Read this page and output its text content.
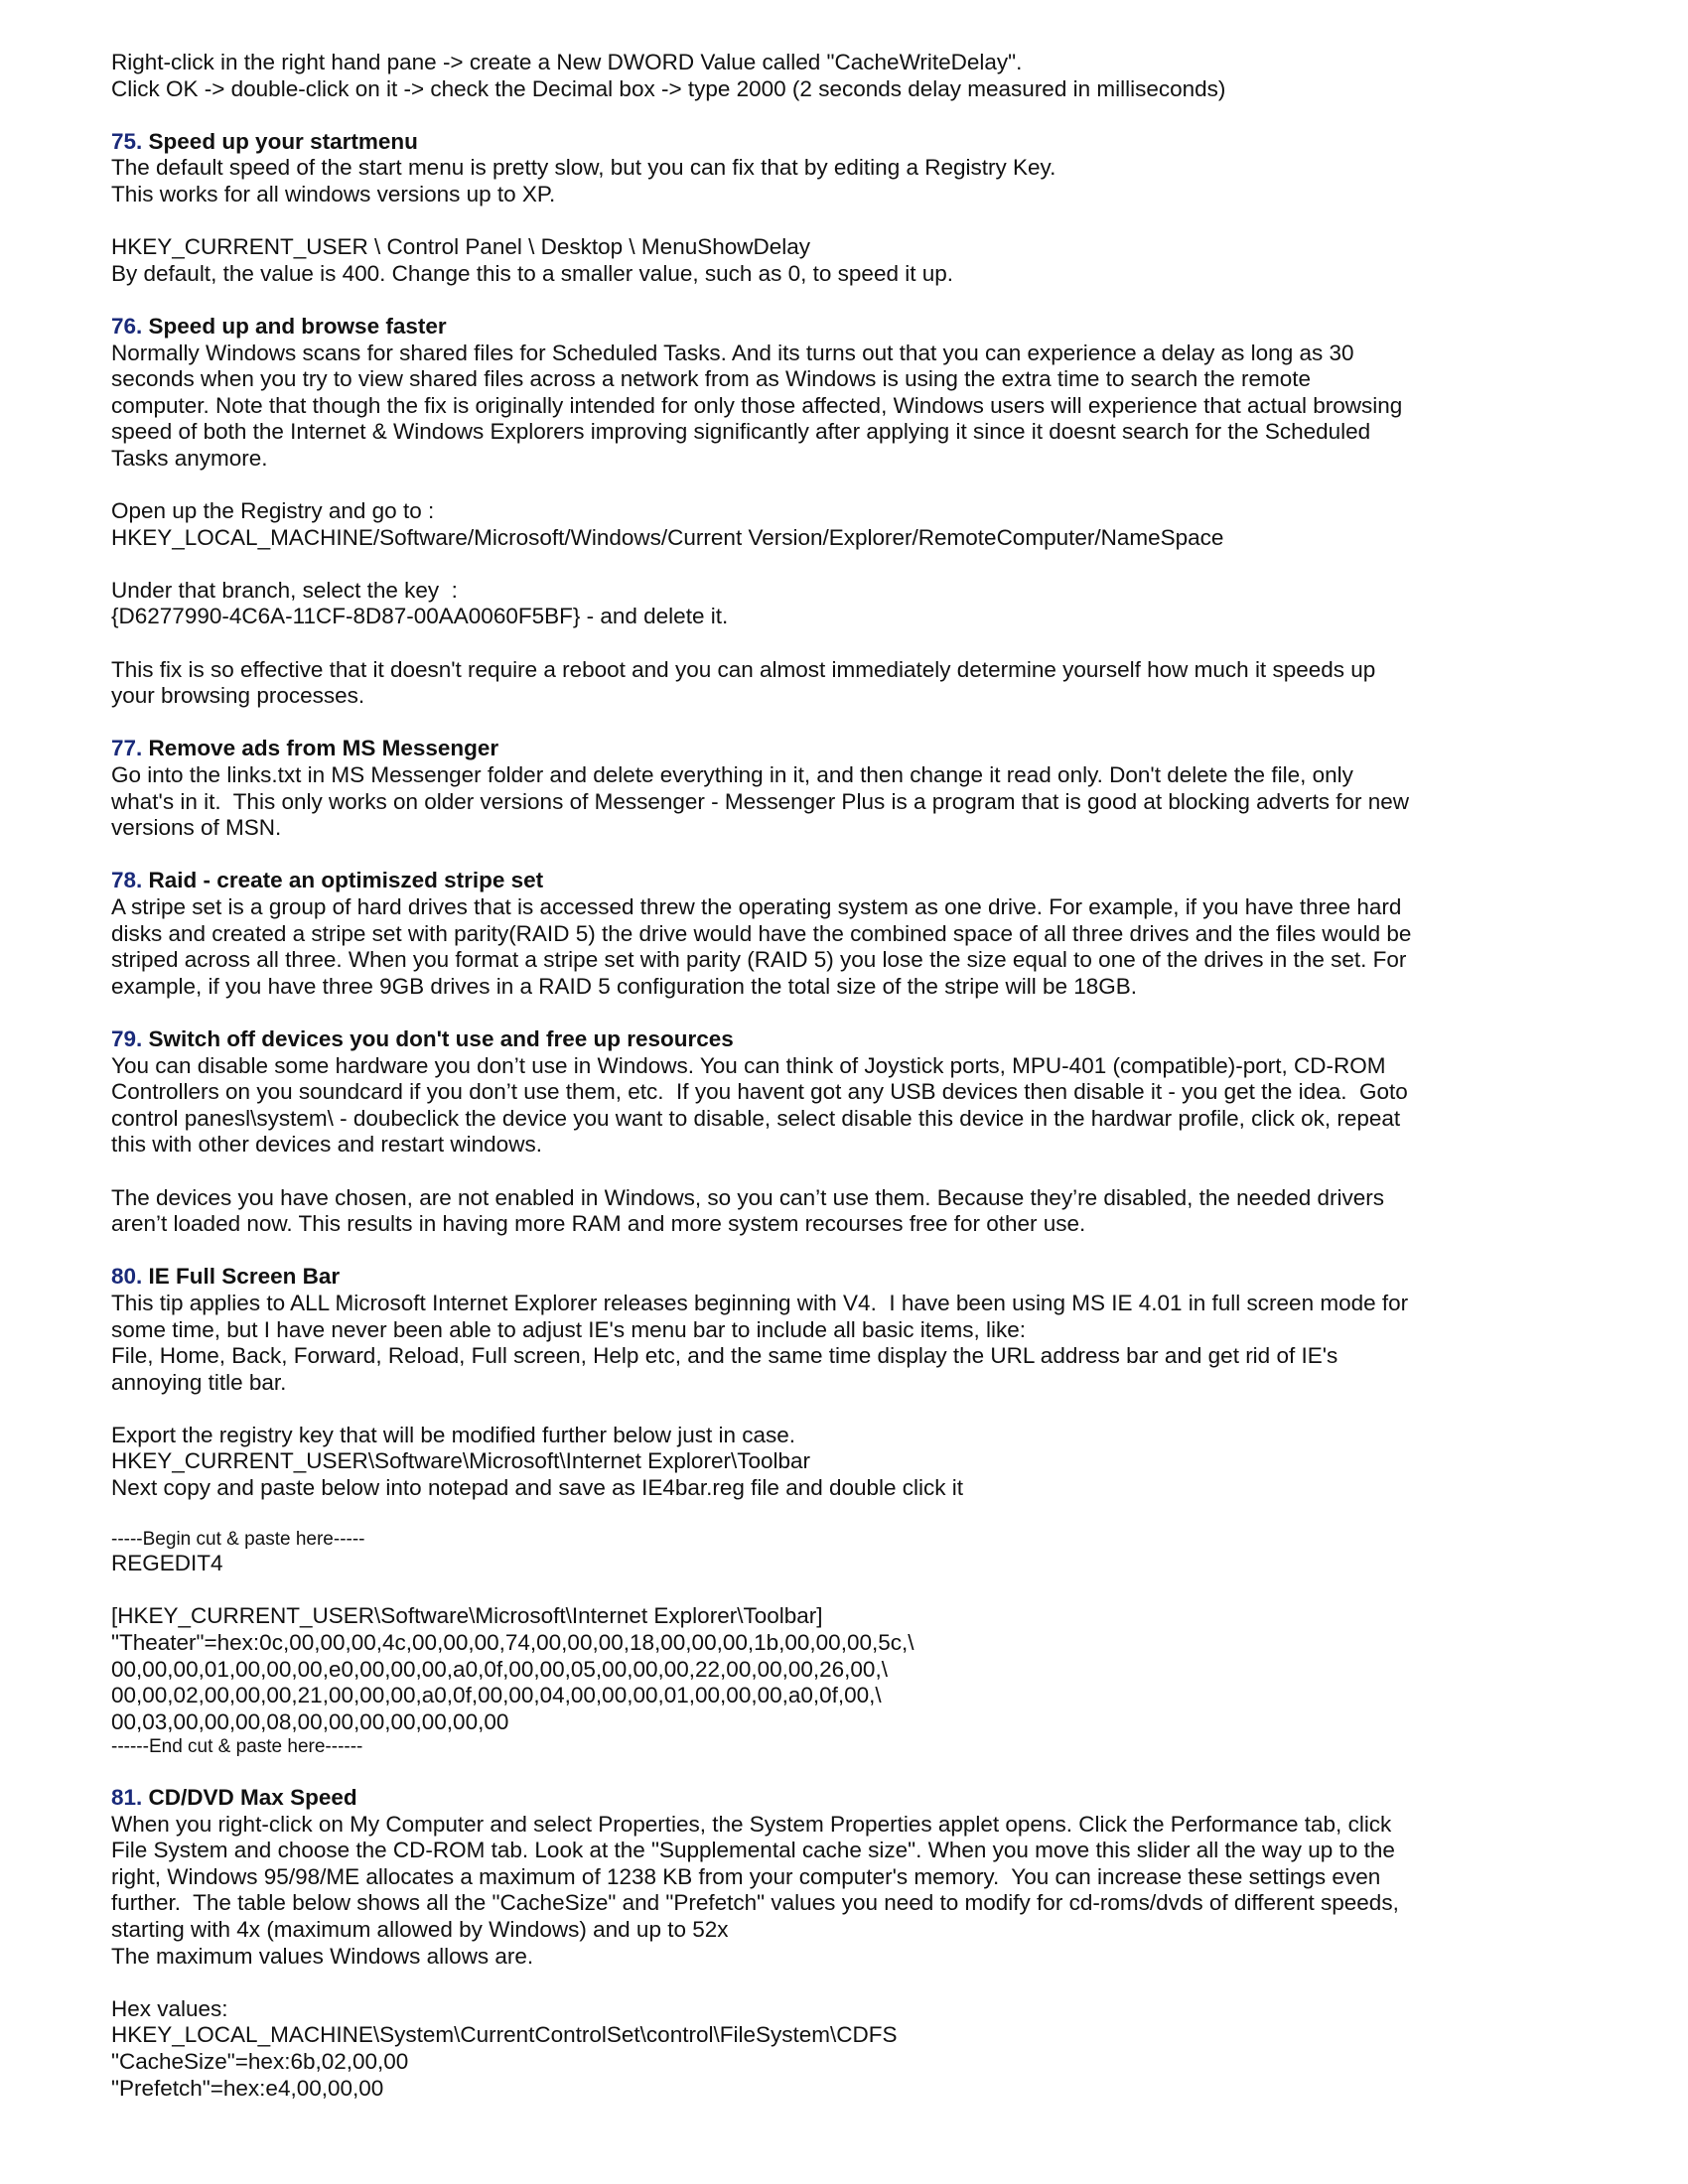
Right-click in the right hand pane -> create a New DWORD Value called "CacheWriteDelay".
Click OK -> double-click on it -> check the Decimal box -> type 2000 (2 seconds delay measured in milliseconds)
75. Speed up your startmenu
The default speed of the start menu is pretty slow, but you can fix that by editing a Registry Key.
This works for all windows versions up to XP.
HKEY_CURRENT_USER \ Control Panel \ Desktop \ MenuShowDelay
By default, the value is 400. Change this to a smaller value, such as 0, to speed it up.
76. Speed up and browse faster
Normally Windows scans for shared files for Scheduled Tasks. And its turns out that you can experience a delay as long as 30
seconds when you try to view shared files across a network from as Windows is using the extra time to search the remote
computer. Note that though the fix is originally intended for only those affected, Windows users will experience that actual browsing
speed of both the Internet & Windows Explorers improving significantly after applying it since it doesnt search for the Scheduled
Tasks anymore.
Open up the Registry and go to :
HKEY_LOCAL_MACHINE/Software/Microsoft/Windows/Current Version/Explorer/RemoteComputer/NameSpace
Under that branch, select the key  :
{D6277990-4C6A-11CF-8D87-00AA0060F5BF} - and delete it.
This fix is so effective that it doesn't require a reboot and you can almost immediately determine yourself how much it speeds up
your browsing processes.
77. Remove ads from MS Messenger
Go into the links.txt in MS Messenger folder and delete everything in it, and then change it read only. Don't delete the file, only
what's in it.  This only works on older versions of Messenger - Messenger Plus is a program that is good at blocking adverts for new
versions of MSN.
78. Raid - create an optimiszed stripe set
A stripe set is a group of hard drives that is accessed threw the operating system as one drive. For example, if you have three hard
disks and created a stripe set with parity(RAID 5) the drive would have the combined space of all three drives and the files would be
striped across all three. When you format a stripe set with parity (RAID 5) you lose the size equal to one of the drives in the set. For
example, if you have three 9GB drives in a RAID 5 configuration the total size of the stripe will be 18GB.
79. Switch off devices you don't use and free up resources
You can disable some hardware you don’t use in Windows. You can think of Joystick ports, MPU-401 (compatible)-port, CD-ROM
Controllers on you soundcard if you don’t use them, etc.  If you havent got any USB devices then disable it - you get the idea.  Goto
control panesl\system\ - doubeclick the device you want to disable, select disable this device in the hardwar profile, click ok, repeat
this with other devices and restart windows.
The devices you have chosen, are not enabled in Windows, so you can’t use them. Because they’re disabled, the needed drivers
aren’t loaded now. This results in having more RAM and more system recourses free for other use.
80. IE Full Screen Bar
This tip applies to ALL Microsoft Internet Explorer releases beginning with V4.  I have been using MS IE 4.01 in full screen mode for
some time, but I have never been able to adjust IE's menu bar to include all basic items, like:
File, Home, Back, Forward, Reload, Full screen, Help etc, and the same time display the URL address bar and get rid of IE's
annoying title bar.
Export the registry key that will be modified further below just in case.
HKEY_CURRENT_USER\Software\Microsoft\Internet Explorer\Toolbar
Next copy and paste below into notepad and save as IE4bar.reg file and double click it
-----Begin cut & paste here-----
REGEDIT4
[HKEY_CURRENT_USER\Software\Microsoft\Internet Explorer\Toolbar]
"Theater"=hex:0c,00,00,00,4c,00,00,00,74,00,00,00,18,00,00,00,1b,00,00,00,5c,\
00,00,00,01,00,00,00,e0,00,00,00,a0,0f,00,00,05,00,00,00,22,00,00,00,26,00,\
00,00,02,00,00,00,21,00,00,00,a0,0f,00,00,04,00,00,00,01,00,00,00,a0,0f,00,\
00,03,00,00,00,08,00,00,00,00,00,00,00
------End cut & paste here------
81. CD/DVD Max Speed
When you right-click on My Computer and select Properties, the System Properties applet opens. Click the Performance tab, click
File System and choose the CD-ROM tab. Look at the "Supplemental cache size". When you move this slider all the way up to the
right, Windows 95/98/ME allocates a maximum of 1238 KB from your computer's memory.  You can increase these settings even
further.  The table below shows all the "CacheSize" and "Prefetch" values you need to modify for cd-roms/dvds of different speeds,
starting with 4x (maximum allowed by Windows) and up to 52x
The maximum values Windows allows are.
Hex values:
HKEY_LOCAL_MACHINE\System\CurrentControlSet\control\FileSystem\CDFS
"CacheSize"=hex:6b,02,00,00
"Prefetch"=hex:e4,00,00,00
